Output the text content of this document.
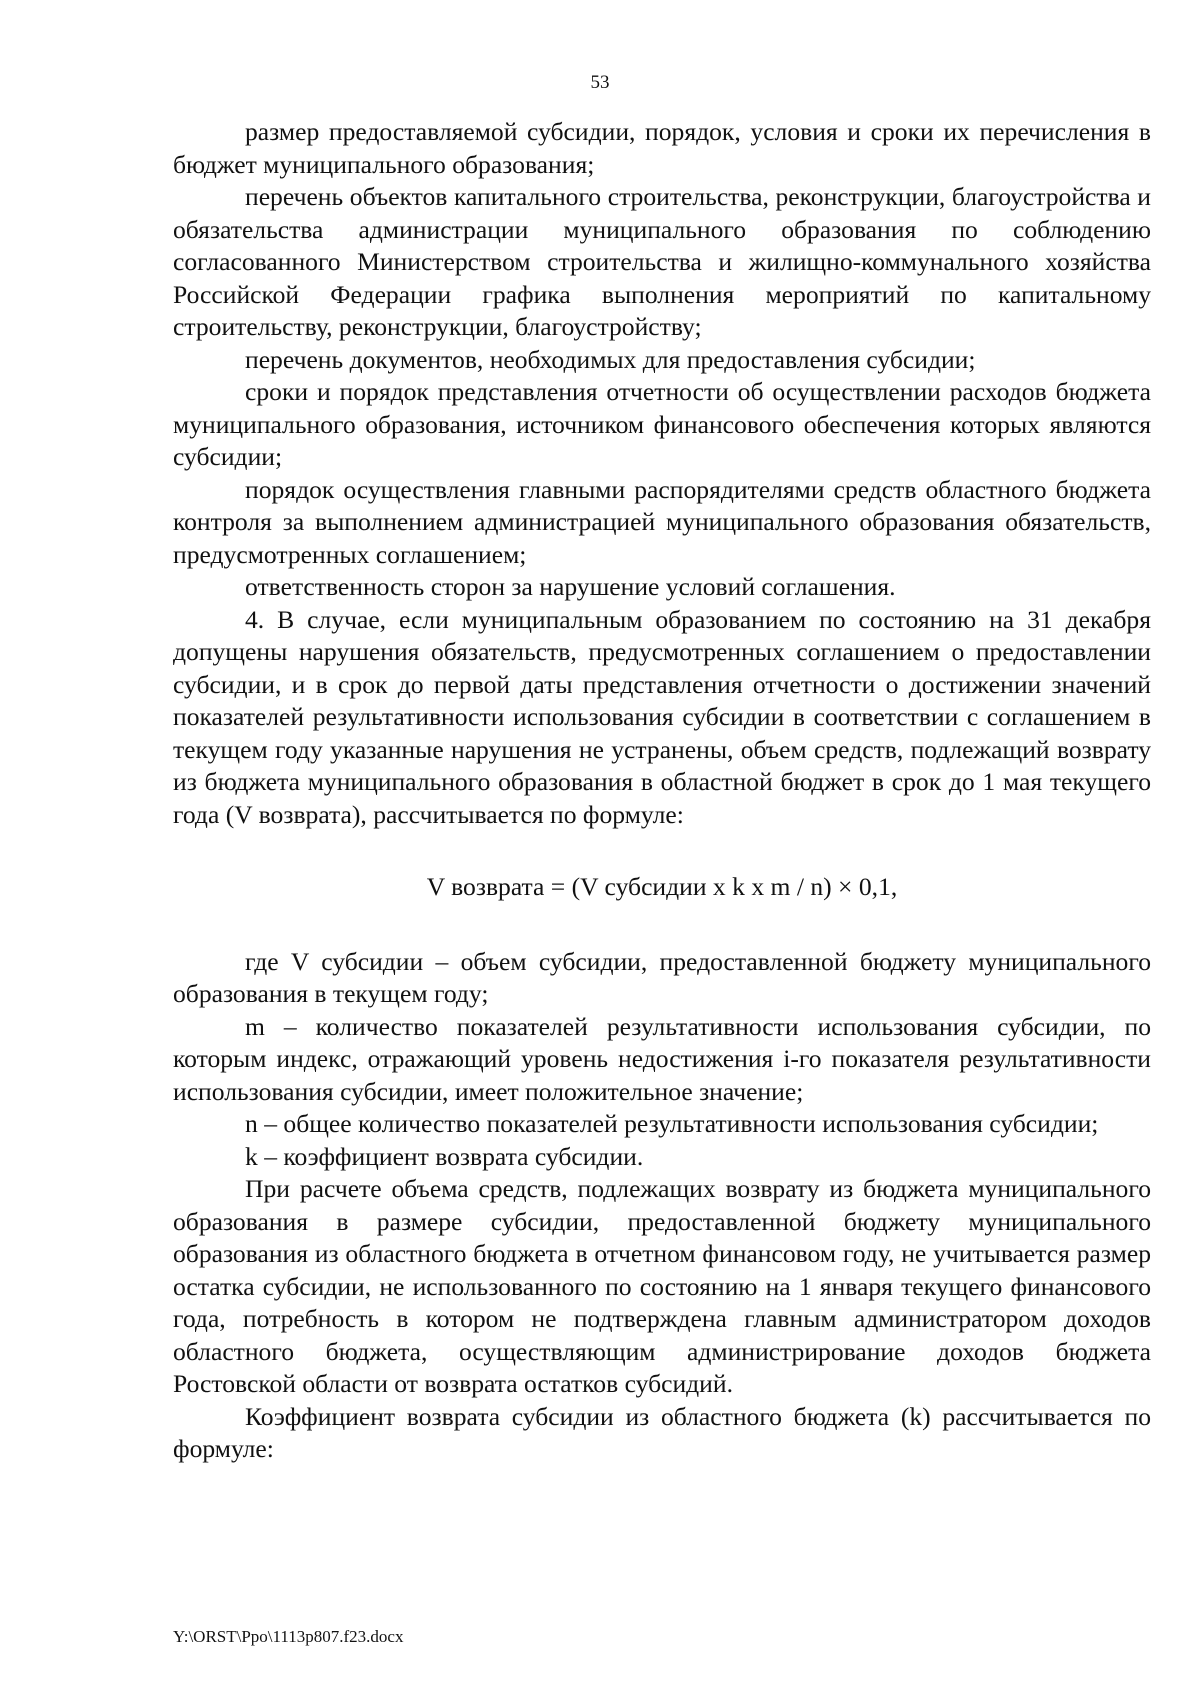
53

размер предоставляемой субсидии, порядок, условия и сроки их перечисления в бюджет муниципального образования;

перечень объектов капитального строительства, реконструкции, благоустройства и обязательства администрации муниципального образования по соблюдению согласованного Министерством строительства и жилищно-коммунального хозяйства Российской Федерации графика выполнения мероприятий по капитальному строительству, реконструкции, благоустройству;

перечень документов, необходимых для предоставления субсидии;

сроки и порядок представления отчетности об осуществлении расходов бюджета муниципального образования, источником финансового обеспечения которых являются субсидии;

порядок осуществления главными распорядителями средств областного бюджета контроля за выполнением администрацией муниципального образования обязательств, предусмотренных соглашением;

ответственность сторон за нарушение условий соглашения.

4. В случае, если муниципальным образованием по состоянию на 31 декабря допущены нарушения обязательств, предусмотренных соглашением о предоставлении субсидии, и в срок до первой даты представления отчетности о достижении значений показателей результативности использования субсидии в соответствии с соглашением в текущем году указанные нарушения не устранены, объем средств, подлежащий возврату из бюджета муниципального образования в областной бюджет в срок до 1 мая текущего года (V возврата), рассчитывается по формуле:

V возврата = (V субсидии x k x m / n) × 0,1,

где V субсидии – объем субсидии, предоставленной бюджету муниципального образования в текущем году;

m – количество показателей результативности использования субсидии, по которым индекс, отражающий уровень недостижения i-го показателя результативности использования субсидии, имеет положительное значение;

n – общее количество показателей результативности использования субсидии;

k – коэффициент возврата субсидии.

При расчете объема средств, подлежащих возврату из бюджета муниципального образования в размере субсидии, предоставленной бюджету муниципального образования из областного бюджета в отчетном финансовом году, не учитывается размер остатка субсидии, не использованного по состоянию на 1 января текущего финансового года, потребность в котором не подтверждена главным администратором доходов областного бюджета, осуществляющим администрирование доходов бюджета Ростовской области от возврата остатков субсидий.

Коэффициент возврата субсидии из областного бюджета (k) рассчитывается по формуле:

Y:\ORST\Ppo\1113p807.f23.docx
